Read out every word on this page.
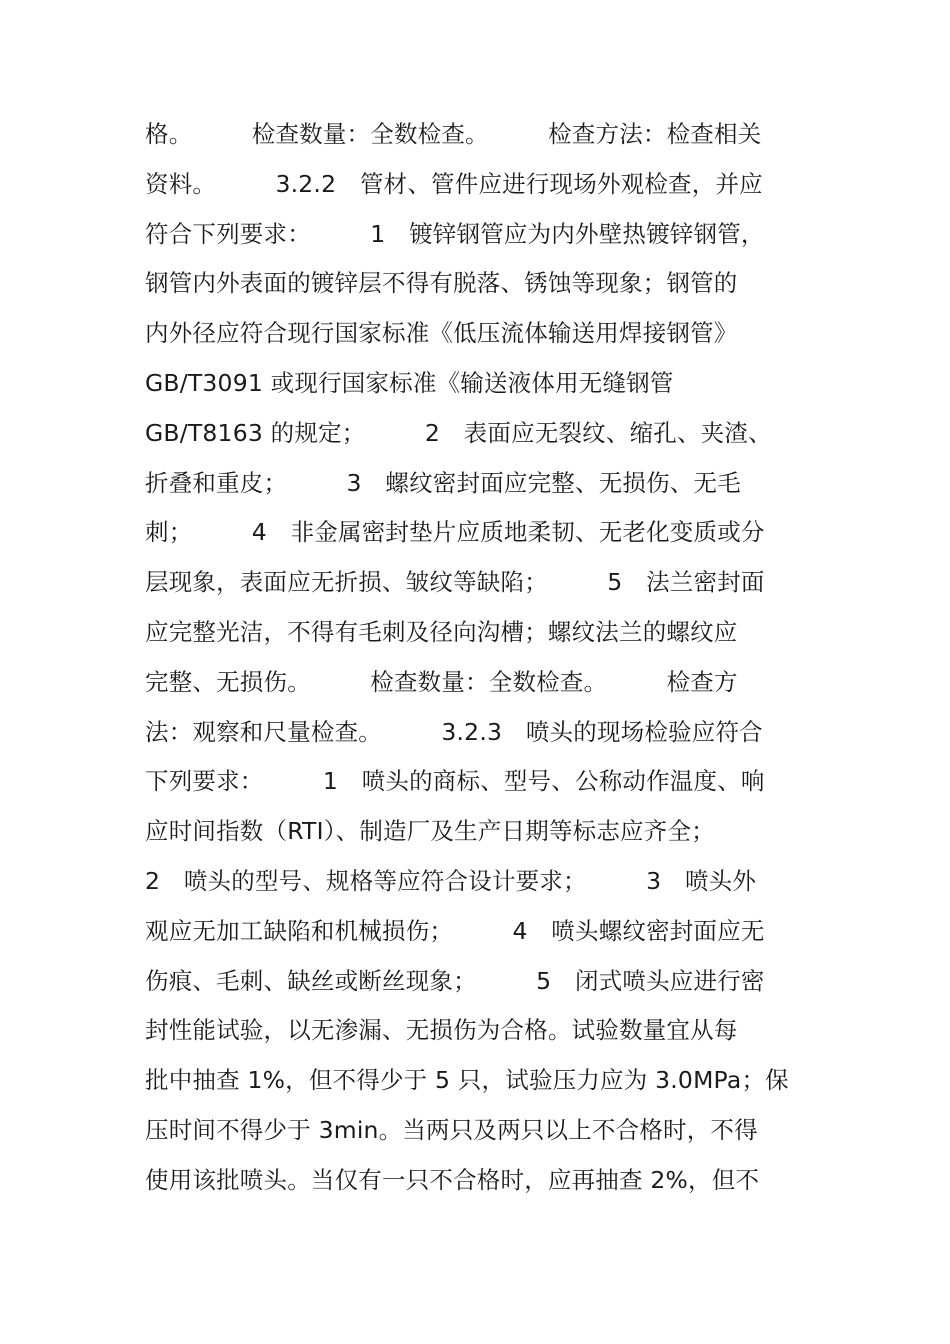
格。　　　检查数量：全数检查。　　　检查方法：检查相关
资料。　　　3.2.2　管材、管件应进行现场外观检查，并应
符合下列要求：　　　1　镀锌钢管应为内外壁热镀锌钢管，
钢管内外表面的镀锌层不得有脱落、锈蚀等现象；钢管的
内外径应符合现行国家标准《低压流体输送用焊接钢管》
GB/T3091 或现行国家标准《输送液体用无缝钢管
GB/T8163 的规定；　　　2　表面应无裂纹、缩孔、夹渣、
折叠和重皮；　　　3　螺纹密封面应完整、无损伤、无毛
刺；　　　4　非金属密封垫片应质地柔韧、无老化变质或分
层现象，表面应无折损、皱纹等缺陷；　　　5　法兰密封面
应完整光洁，不得有毛刺及径向沟槽；螺纹法兰的螺纹应
完整、无损伤。　　　检查数量：全数检查。　　　检查方
法：观察和尺量检查。　　　3.2.3　喷头的现场检验应符合
下列要求：　　　1　喷头的商标、型号、公称动作温度、响
应时间指数（RTI）、制造厂及生产日期等标志应齐全；
2　喷头的型号、规格等应符合设计要求；　　　3　喷头外
观应无加工缺陷和机械损伤；　　　4　喷头螺纹密封面应无
伤痕、毛刺、缺丝或断丝现象；　　　5　闭式喷头应进行密
封性能试验，以无渗漏、无损伤为合格。试验数量宜从每
批中抽查 1%，但不得少于 5 只，试验压力应为 3.0MPa；保
压时间不得少于 3min。当两只及两只以上不合格时，不得
使用该批喷头。当仅有一只不合格时，应再抽查 2%，但不
